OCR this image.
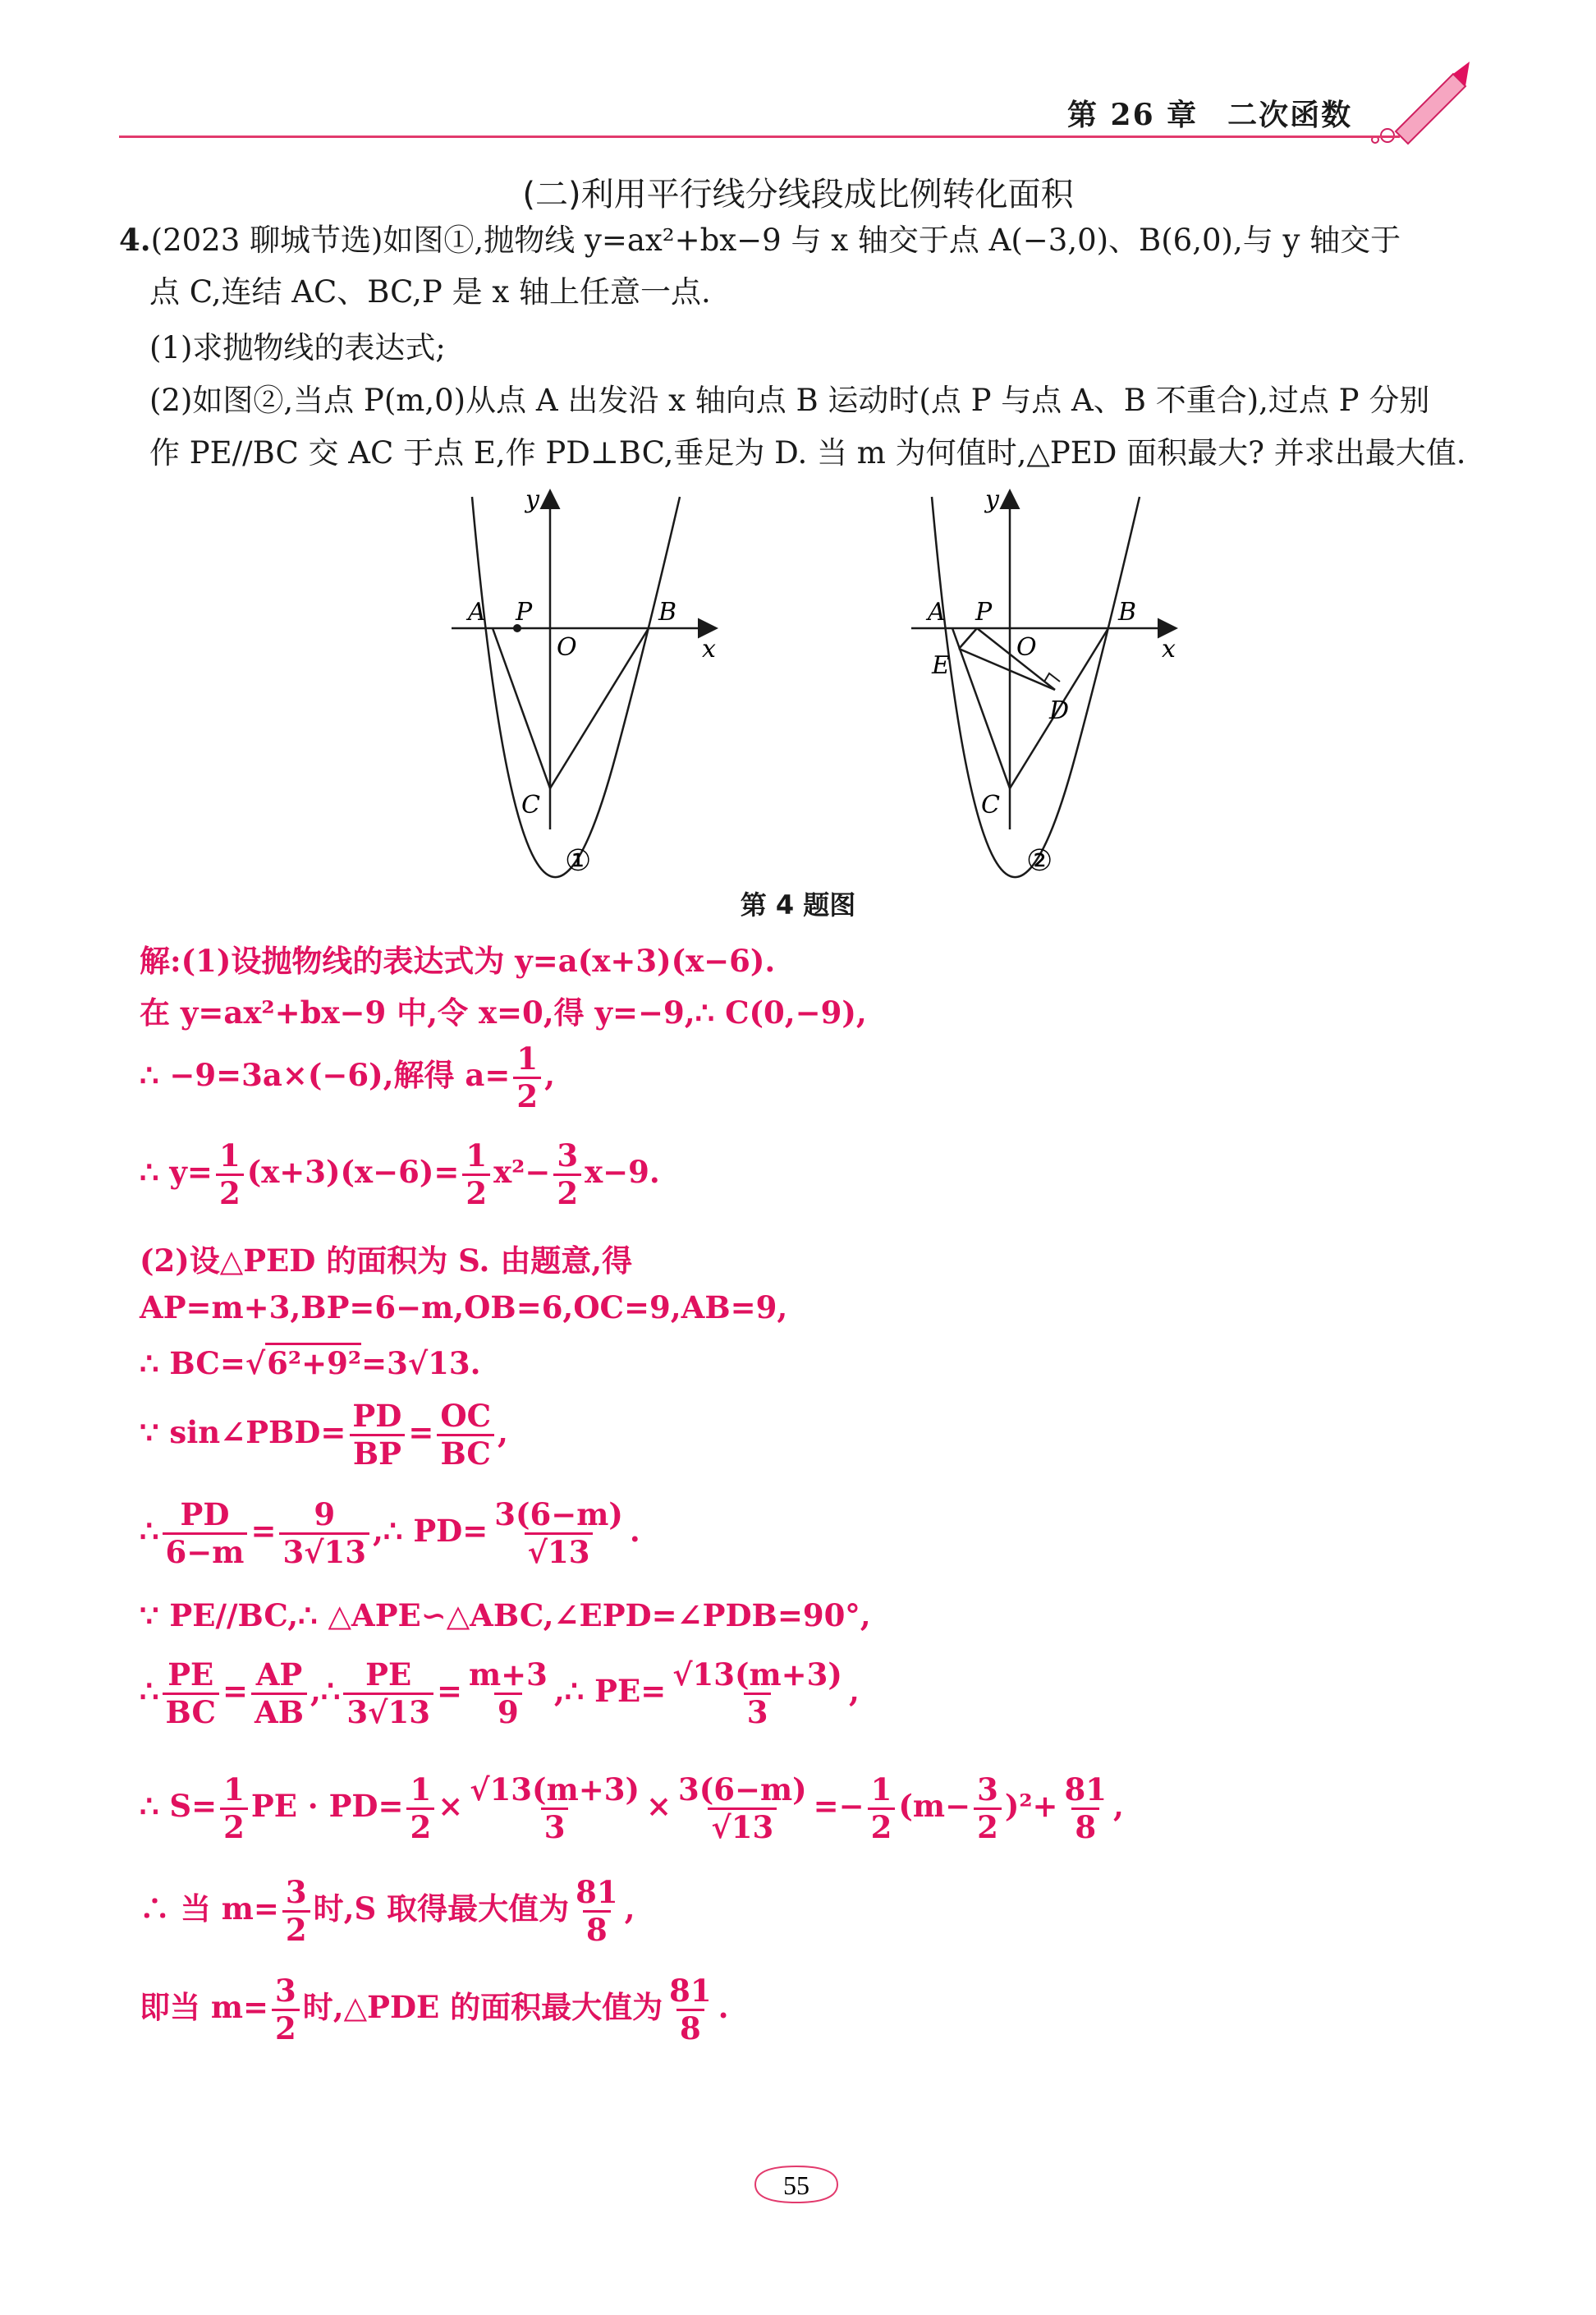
第 26 章 二次函数
(二)利用平行线分线段成比例转化面积
4.(2023 聊城节选)如图①,抛物线 y=ax²+bx−9 与 x 轴交于点 A(−3,0)、B(6,0),与 y 轴交于
点 C,连结 AC、BC,P 是 x 轴上任意一点.
(1)求抛物线的表达式;
(2)如图②,当点 P(m,0)从点 A 出发沿 x 轴向点 B 运动时(点 P 与点 A、B 不重合),过点 P 分别
作 PE//BC 交 AC 于点 E,作 PD⊥BC,垂足为 D. 当 m 为何值时,△PED 面积最大? 并求出最大值.
A P
O
B
x
y
C
①
A P
O
B
x
y
C
E
D
②
第 4 题图
解:(1)设抛物线的表达式为 y=a(x+3)(x−6).
在 y=ax²+bx−9 中,令 x=0,得 y=−9,∴ C(0,−9),
∴ −9=3a×(−6),解得 $a= \frac{1}{2}$ ,
∴ $y= \frac{1}{2} (x+3)(x-6)= \frac{1}{2} x^2- \frac{3}{2} x-9$.
(2)设△PED 的面积为 S. 由题意,得
AP=m+3,BP=6−m,OB=6,OC=9,AB=9,
∴ BC=√6²+9²=3√13.
∵ sin∠PBD= $\frac{PD}{BP} = \frac{OC}{BC}$ ,
∴ $\frac{PD}{6-m} = \frac{9}{3√13}$ ,∴ $PD= \frac{3(6-m)}{√13}$ .
∵ PE//BC,∴ △APE∽△ABC,∠EPD=∠PDB=90°,
∴ $\frac{PE}{BC} = \frac{AP}{AB}$ ,∴ $\frac{PE}{3√13} = \frac{m+3}{9}$ ,∴ $PE= \frac{√13(m+3)}{3}$ ,
∴ $S= \frac{1}{2}$ PE · $PD= \frac{1}{2} \times \frac{√13(m+3)}{3} \times \frac{3(6-m)}{√13} =- \frac{1}{2} (m- \frac{3}{2} )^2+ \frac{81}{8}$ ,
∴ 当 $m= \frac{3}{2}$ 时,S 取得最大值为 $\frac{81}{8}$ ,
即当 $m= \frac{3}{2}$ 时,△PDE 的面积最大值为 $\frac{81}{8}$ .
55
